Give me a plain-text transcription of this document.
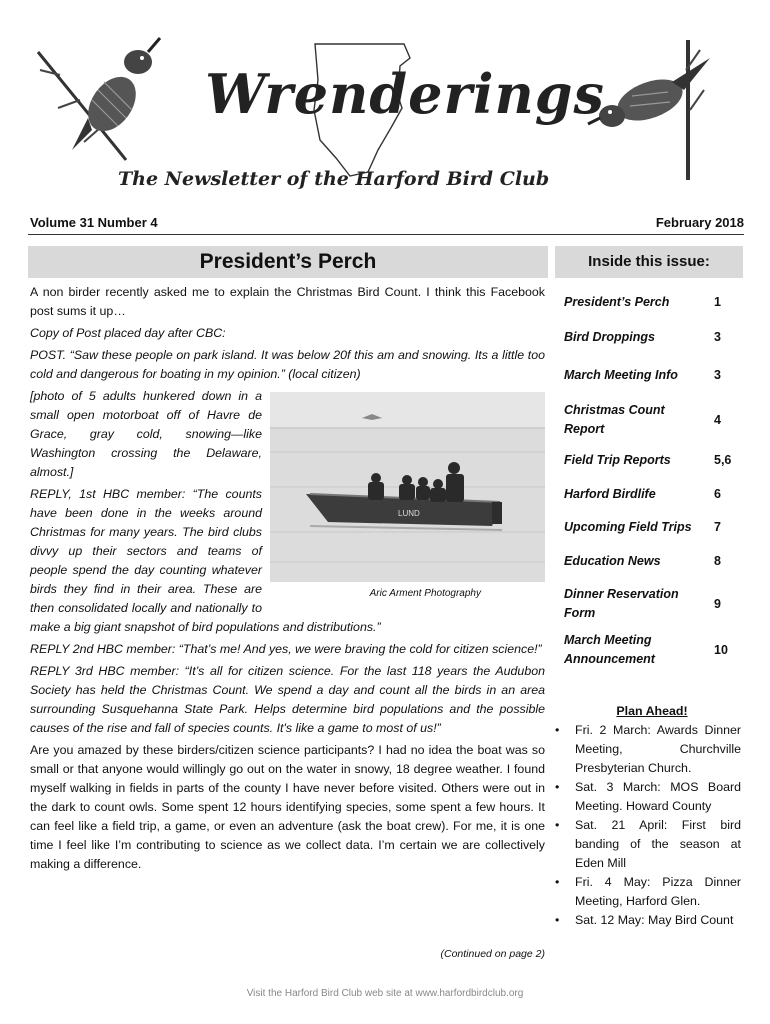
Wrenderings
The Newsletter of the Harford Bird Club
Volume 31 Number 4	February 2018
President’s Perch	Inside this issue:
A non birder recently asked me to explain the Christmas Bird Count. I think this Facebook post sums it up…
Copy of Post placed day after CBC:
POST. “Saw these people on park island. It was below 20f this am and snowing. Its a little too cold and dangerous for boating in my opinion.” (local citizen)
LUND
Aric Arment Photography
[photo of 5 adults hunkered down in a small open motorboat off of Havre de Grace, gray cold, snowing—like Washington crossing the Delaware, almost.]
REPLY, 1st HBC member: “The counts have been done in the weeks around Christmas for many years. The bird clubs divvy up their sectors and teams of people spend the day counting whatever birds they find in their area. These are then consolidated locally and nationally to make a big giant snapshot of bird populations and distributions.”
REPLY 2nd HBC member: “That’s me! And yes, we were braving the cold for citizen science!”
REPLY 3rd HBC member: “It’s all for citizen science. For the last 118 years the Audubon Society has held the Christmas Count. We spend a day and count all the birds in an area surrounding Susquehanna State Park. Helps determine bird populations and the possible causes of the rise and fall of species counts. It's like a game to most of us!”
Are you amazed by these birders/citizen science participants? I had no idea the boat was so small or that anyone would willingly go out on the water in snowy, 18 degree weather. I found myself walking in fields in parts of the county I have never before visited. Others were out in the dark to count owls. Some spent 12 hours identifying species, some spent a few hours. It can feel like a field trip, a game, or even an adventure (ask the boat crew). For me, it is one time I feel like I’m contributing to science as we collect data. I’m certain we are collectively making a difference.
(Continued on page 2)
President’s Perch	1
Bird Droppings	3
March Meeting Info	3
Christmas Count Report
4
Field Trip Reports	5,6
Harford Birdlife	6
Upcoming Field Trips 7
Education News	8
Dinner Reservation Form
9
March Meeting Announcement
10
Plan Ahead!
• Fri. 2 March: Awards Dinner Meeting, Churchville Presbyterian Church.
• Sat. 3 March: MOS Board Meeting. Howard County
• Sat. 21 April: First bird banding of the season at Eden Mill
• Fri. 4 May: Pizza Dinner Meeting, Harford Glen.
• Sat. 12 May: May Bird Count
Visit the Harford Bird Club web site at www.harfordbirdclub.org
